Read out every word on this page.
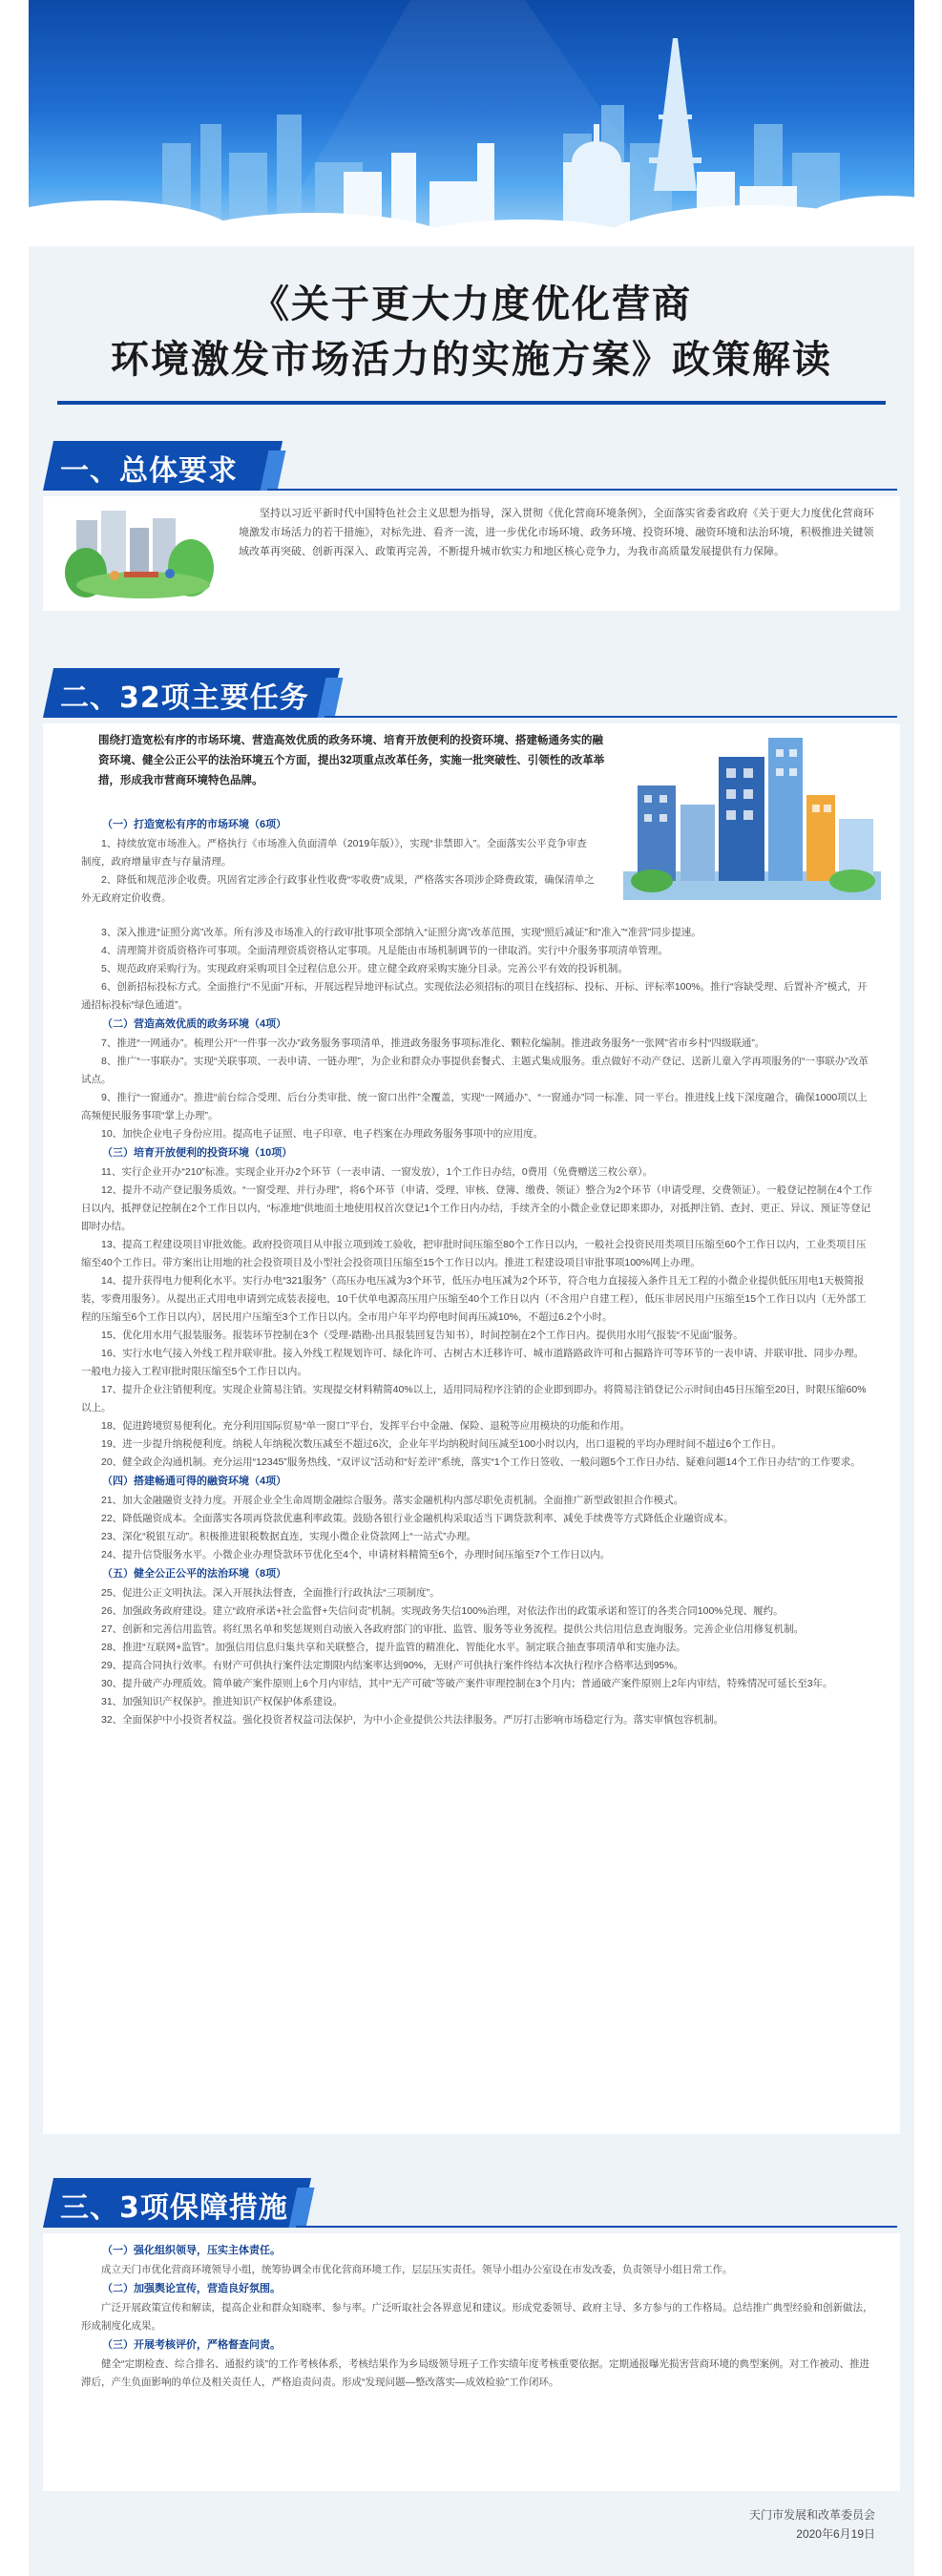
《关于更大力度优化营商
环境激发市场活力的实施方案》政策解读
一、总体要求

坚持以习近平新时代中国特色社会主义思想为指导，深入贯彻《优化营商环境条例》，全面落实省委省政府《关于更大力度优化营商环境激发市场活力的若干措施》，对标先进、看齐一流，进一步优化市场环境、政务环境、投资环境、融资环境和法治环境，积极推进关键领域改革再突破、创新再深入、政策再完善，不断提升城市软实力和地区核心竞争力，为我市高质量发展提供有力保障。

二、32项主要任务
围绕打造宽松有序的市场环境、营造高效优质的政务环境、培育开放便利的投资环境、搭建畅通务实的融资环境、健全公正公平的法治环境五个方面，提出32项重点改革任务，实施一批突破性、引领性的改革举措，形成我市营商环境特色品牌。
（一）打造宽松有序的市场环境（6项）
1、持续放宽市场准入。严格执行《市场准入负面清单（2019年版）》，实现“非禁即入”。全面落实公平竞争审查制度，政府增量审查与存量清理。
2、降低和规范涉企收费。巩固省定涉企行政事业性收费“零收费”成果，严格落实各项涉企降费政策，确保清单之外无政府定价收费。
3、深入推进“证照分离”改革。所有涉及市场准入的行政审批事项全部纳入“证照分离”改革范围，实现“照后减证”和“准入”“准营”同步提速。
4、清理简并资质资格许可事项。全面清理资质资格认定事项。凡是能由市场机制调节的一律取消。实行中介服务事项清单管理。
5、规范政府采购行为。实现政府采购项目全过程信息公开。建立健全政府采购实施分目录。完善公平有效的投诉机制。
6、创新招标投标方式。全面推行“不见面”开标，开展远程异地评标试点。实现依法必须招标的项目在线招标、投标、开标、评标率100%。推行“容缺受理、后置补齐”模式，开通招标投标“绿色通道”。
（二）营造高效优质的政务环境（4项）
7、推进“一网通办”。梳理公开“一件事一次办”政务服务事项清单，推进政务服务事项标准化、颗粒化编制。推进政务服务“一张网”省市乡村“四级联通”。
8、推广“一事联办”。实现“关联事项、一表申请、一链办理”，为企业和群众办事提供套餐式、主题式集成服务。重点做好不动产登记、送新儿童入学再项服务的“一事联办”改革试点。
9、推行“一窗通办”。推进“前台综合受理、后台分类审批、统一窗口出件”全覆盖，实现“一网通办”、“一窗通办”同一标准、同一平台。推进线上线下深度融合，确保1000项以上高频便民服务事项“掌上办理”。
10、加快企业电子身份应用。提高电子证照、电子印章、电子档案在办理政务服务事项中的应用度。
（三）培育开放便利的投资环境（10项）
11、实行企业开办“210”标准。实现企业开办2个环节（一表申请、一窗发放），1个工作日办结，0费用（免费赠送三枚公章）。
12、提升不动产登记服务质效。“一窗受理、并行办理”，将6个环节（申请、受理、审核、登簿、缴费、领证）整合为2个环节（申请受理、交费领证）。一般登记控制在4个工作日以内，抵押登记控制在2个工作日以内，“标准地”供地而土地使用权首次登记1个工作日内办结，手续齐全的小微企业登记即来即办，对抵押注销、查封、更正、异议、预证等登记即时办结。
13、提高工程建设项目审批效能。政府投资项目从申报立项到竣工验收，把审批时间压缩至80个工作日以内，一般社会投资民用类项目压缩至60个工作日以内，工业类项目压缩至40个工作日。带方案出让用地的社会投资项目及小型社会投资项目压缩至15个工作日以内。推进工程建设项目审批事项100%网上办理。
14、提升获得电力便利化水平。实行办电“321服务”（高压办电压减为3个环节，低压办电压减为2个环节，符合电力直接接入条件且无工程的小微企业提供低压用电1天极简报装，零费用服务）。从提出正式用电申请到完成装表接电，10千伏单电源高压用户压缩至40个工作日以内（不含用户自建工程），低压非居民用户压缩至15个工作日以内（无外部工程的压缩至6个工作日以内），居民用户压缩至3个工作日以内。全市用户年平均停电时间再压减10%，不超过6.2个小时。
15、优化用水用气报装服务。报装环节控制在3个（受理-踏勘-出具报装回复告知书），时间控制在2个工作日内。提供用水用气报装“不见面”服务。
16、实行水电气接入外线工程并联审批。接入外线工程规划许可、绿化许可、古树古木迁移许可、城市道路路政许可和占掘路许可等环节的一表申请、并联审批、同步办理。一般电力接入工程审批时限压缩至5个工作日以内。
17、提升企业注销便利度。实现企业简易注销。实现提交材料精简40%以上，适用同局程序注销的企业即到即办。将简易注销登记公示时间由45日压缩至20日，时限压缩60%以上。
18、促进跨境贸易便利化。充分利用国际贸易“单一窗口”平台，发挥平台中金融、保险、退税等应用模块的功能和作用。
19、进一步提升纳税便利度。纳税人年纳税次数压减至不超过6次，企业年平均纳税时间压减至100小时以内，出口退税的平均办理时间不超过6个工作日。
20、健全政企沟通机制。充分运用“12345”服务热线、“双评议”活动和“好差评”系统，落实“1个工作日签收、一般问题5个工作日办结、疑难问题14个工作日办结”的工作要求。
（四）搭建畅通可得的融资环境（4项）
21、加大金融融资支持力度。开展企业全生命周期金融综合服务。落实金融机构内部尽职免责机制。全面推广新型政银担合作模式。
22、降低融资成本。全面落实各项再贷款优惠利率政策。鼓励各银行业金融机构采取适当下调贷款利率、减免手续费等方式降低企业融资成本。
23、深化“税银互动”。积极推进银税数据直连，实现小微企业贷款网上“一站式”办理。
24、提升信贷服务水平。小微企业办理贷款环节优化至4个，申请材料精简至6个，办理时间压缩至7个工作日以内。
（五）健全公正公平的法治环境（8项）
25、促进公正文明执法。深入开展执法督查，全面推行行政执法“三项制度”。
26、加强政务政府建设。建立“政府承诺+社会监督+失信问责”机制。实现政务失信100%治理，对依法作出的政策承诺和签订的各类合同100%兑现、履约。
27、创新和完善信用监管。将红黑名单和奖惩规则自动嵌入各政府部门的审批、监管、服务等业务流程。提供公共信用信息查询服务。完善企业信用修复机制。
28、推进“互联网+监管”。加强信用信息归集共享和关联整合，提升监管的精准化、智能化水平。制定联合抽查事项清单和实施办法。
29、提高合同执行效率。有财产可供执行案件法定期限内结案率达到90%，无财产可供执行案件终结本次执行程序合格率达到95%。
30、提升破产办理质效。简单破产案件原则上6个月内审结，其中“无产可破”等破产案件审理控制在3个月内；普通破产案件原则上2年内审结，特殊情况可延长至3年。
31、加强知识产权保护。推进知识产权保护体系建设。
32、全面保护中小投资者权益。强化投资者权益司法保护，为中小企业提供公共法律服务。严厉打击影响市场稳定行为。落实审慎包容机制。
三、3项保障措施
（一）强化组织领导，压实主体责任。
成立天门市优化营商环境领导小组，统筹协调全市优化营商环境工作，层层压实责任。领导小组办公室设在市发改委，负责领导小组日常工作。
（二）加强舆论宣传，营造良好氛围。
广泛开展政策宣传和解读，提高企业和群众知晓率、参与率。广泛听取社会各界意见和建议。形成党委领导、政府主导、多方参与的工作格局。总结推广典型经验和创新做法，形成制度化成果。
（三）开展考核评价，严格督查问责。
健全“定期检查、综合排名、通报约谈”的工作考核体系，考核结果作为乡局级领导班子工作实绩年度考核重要依据。定期通报曝光损害营商环境的典型案例。对工作被动、推进滞后，产生负面影响的单位及相关责任人，严格追责问责。形成“发现问题—整改落实—成效检验”工作闭环。
天门市发展和改革委员会
2020年6月19日
